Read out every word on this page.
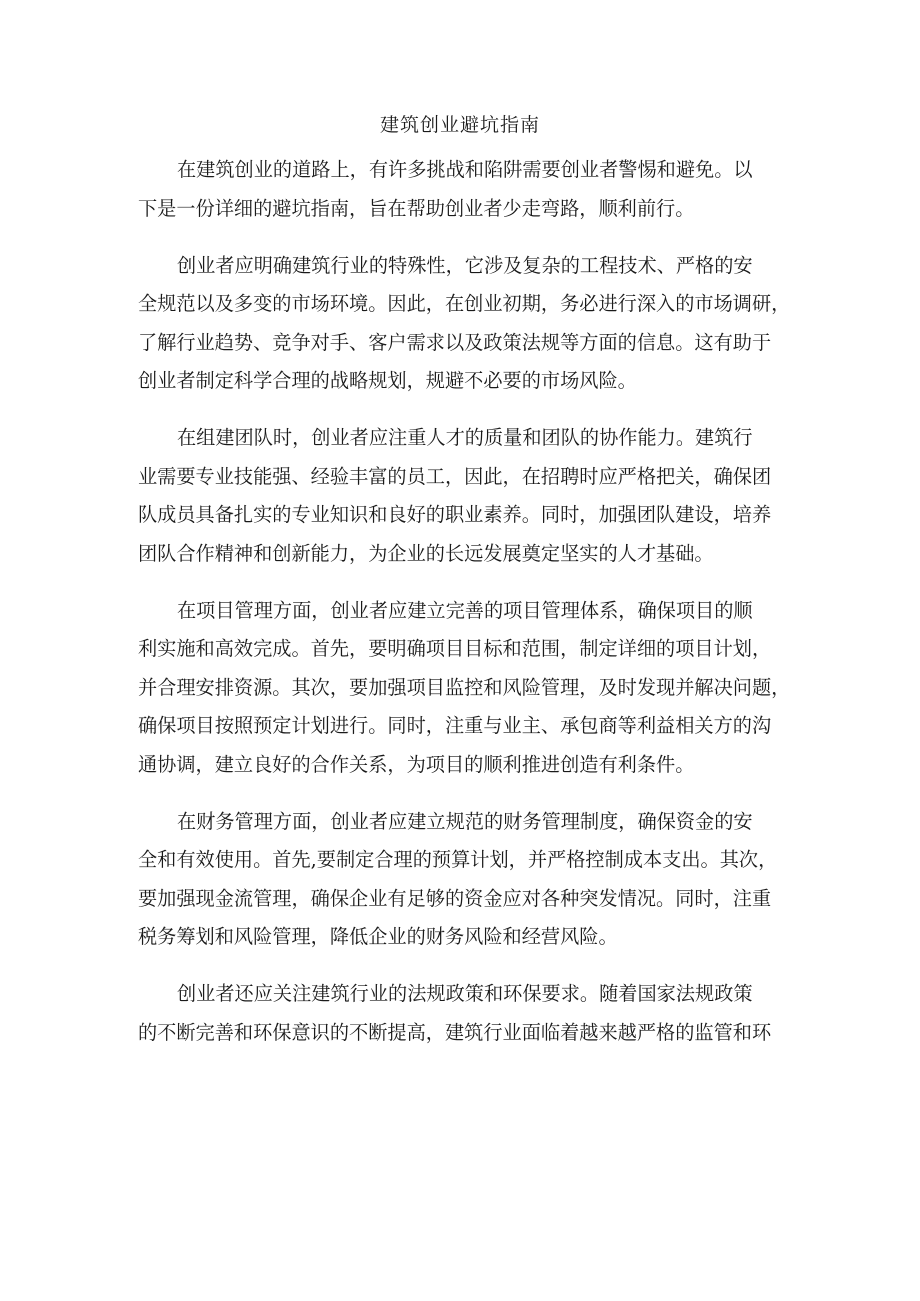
建筑创业避坑指南
在建筑创业的道路上，有许多挑战和陷阱需要创业者警惕和避免。以
下是一份详细的避坑指南，旨在帮助创业者少走弯路，顺利前行。
创业者应明确建筑行业的特殊性，它涉及复杂的工程技术、严格的安
全规范以及多变的市场环境。因此，在创业初期，务必进行深入的市场调研，
了解行业趋势、竞争对手、客户需求以及政策法规等方面的信息。这有助于
创业者制定科学合理的战略规划，规避不必要的市场风险。
在组建团队时，创业者应注重人才的质量和团队的协作能力。建筑行
业需要专业技能强、经验丰富的员工，因此，在招聘时应严格把关，确保团
队成员具备扎实的专业知识和良好的职业素养。同时，加强团队建设，培养
团队合作精神和创新能力，为企业的长远发展奠定坚实的人才基础。
在项目管理方面，创业者应建立完善的项目管理体系，确保项目的顺
利实施和高效完成。首先，要明确项目目标和范围，制定详细的项目计划，
并合理安排资源。其次，要加强项目监控和风险管理，及时发现并解决问题，
确保项目按照预定计划进行。同时，注重与业主、承包商等利益相关方的沟
通协调，建立良好的合作关系，为项目的顺利推进创造有利条件。
在财务管理方面，创业者应建立规范的财务管理制度，确保资金的安
全和有效使用。首先,要制定合理的预算计划，并严格控制成本支出。其次，
要加强现金流管理，确保企业有足够的资金应对各种突发情况。同时，注重
税务筹划和风险管理，降低企业的财务风险和经营风险。
创业者还应关注建筑行业的法规政策和环保要求。随着国家法规政策
的不断完善和环保意识的不断提高，建筑行业面临着越来越严格的监管和环
